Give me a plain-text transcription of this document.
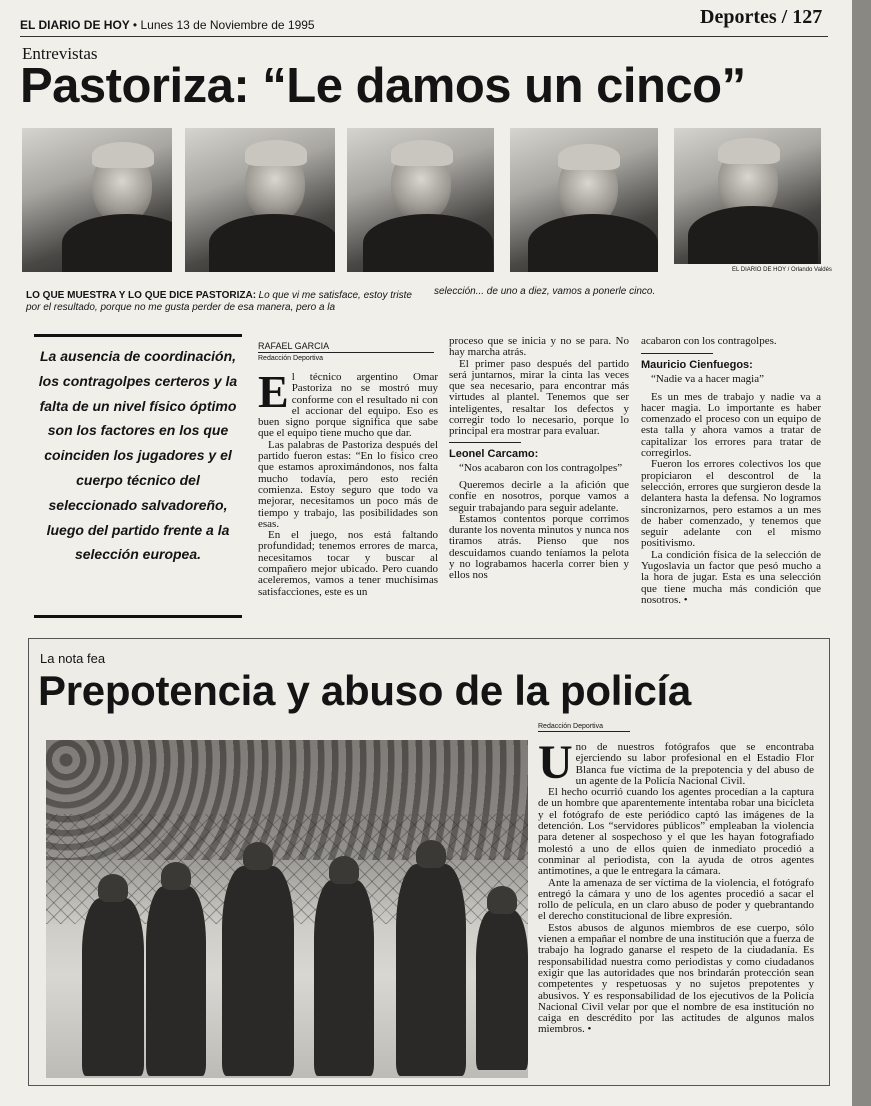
EL DIARIO DE HOY • Lunes 13 de Noviembre de 1995	Deportes / 127
Entrevistas
Pastoriza: “Le damos un cinco”
EL DIARIO DE HOY / Orlando Valdés
LO QUE MUESTRA Y LO QUE DICE PASTORIZA: Lo que vi me satisface, estoy triste por el resultado, porque no me gusta perder de esa manera, pero a la
selección... de uno a diez, vamos a ponerle cinco.
La ausencia de coordinación, los contragolpes certeros y la falta de un nivel físico óptimo son los factores en los que coinciden los jugadores y el cuerpo técnico del seleccionado salvadoreño, luego del partido frente a la selección europea.
RAFAEL GARCIA
Redacción Deportiva

El técnico argentino Omar Pastoriza no se mostró muy conforme con el resultado ni con el accionar del equipo. Eso es buen signo porque significa que sabe que el equipo tiene mucho que dar.

Las palabras de Pastoriza después del partido fueron estas: “En lo físico creo que estamos aproximándonos, nos falta mucho todavía, pero esto recién comienza. Estoy seguro que todo va mejorar, necesitamos un poco más de tiempo y trabajo, las posibilidades son esas.

En el juego, nos está faltando profundidad; tenemos errores de marca, necesitamos tocar y buscar al compañero mejor ubicado. Pero cuando aceleremos, vamos a tener muchísimas satisfacciones, este es un

proceso que se inicia y no se para. No hay marcha atrás.

El primer paso después del partido será juntarnos, mirar la cinta las veces que sea necesario, para encontrar más virtudes al plantel. Tenemos que ser inteligentes, resaltar los defectos y corregir todo lo necesario, porque lo principal era mostrar para evaluar.

Leonel Carcamo:

“Nos acabaron con los contragolpes”

Queremos decirle a la afición que confíe en nosotros, porque vamos a seguir trabajando para seguir adelante.

Estamos contentos porque corrimos durante los noventa minutos y nunca nos tiramos atrás. Pienso que nos descuidamos cuando teníamos la pelota y no lograbamos hacerla correr bien y ellos nos

acabaron con los contragolpes.

Mauricio Cienfuegos:

“Nadie va a hacer magia”

Es un mes de trabajo y nadie va a hacer magia. Lo importante es haber comenzado el proceso con un equipo de esta talla y ahora vamos a tratar de capitalizar los errores para tratar de corregirlos.

Fueron los errores colectivos los que propiciaron el descontrol de la selección, errores que surgieron desde la delantera hasta la defensa. No logramos sincronizarnos, pero estamos a un mes de haber comenzado, y tenemos que seguir adelante con el mismo positivismo.

La condición física de la selección de Yugoslavia un factor que pesó mucho a la hora de jugar. Esta es una selección que tiene mucha más condición que nosotros. •

La nota fea
Prepotencia y abuso de la policía
Redacción Deportiva

Uno de nuestros fotógrafos que se encontraba ejerciendo su labor profesional en el Estadio Flor Blanca fue víctima de la prepotencia y del abuso de un agente de la Policía Nacional Civil.

El hecho ocurrió cuando los agentes procedían a la captura de un hombre que aparentemente intentaba robar una bicicleta y el fotógrafo de este periódico captó las imágenes de la detención. Los “servidores públicos” empleaban la violencia para detener al sospechoso y el que les hayan fotografiado molestó a uno de ellos quien de inmediato procedió a conminar al periodista, con la ayuda de otros agentes antimotines, a que le entregara la cámara.

Ante la amenaza de ser víctima de la violencia, el fotógrafo entregó la cámara y uno de los agentes procedió a sacar el rollo de película, en un claro abuso de poder y quebrantando el derecho constitucional de libre expresión.

Estos abusos de algunos miembros de ese cuerpo, sólo vienen a empañar el nombre de una institución que a fuerza de trabajo ha logrado ganarse el respeto de la ciudadanía. Es responsabilidad nuestra como periodistas y como ciudadanos exigir que las autoridades que nos brindarán protección sean competentes y respetuosas y no sujetos prepotentes y abusivos. Y es responsabilidad de los ejecutivos de la Policía Nacional Civil velar por que el nombre de esa institución no caiga en descrédito por las actitudes de algunos malos miembros. •
